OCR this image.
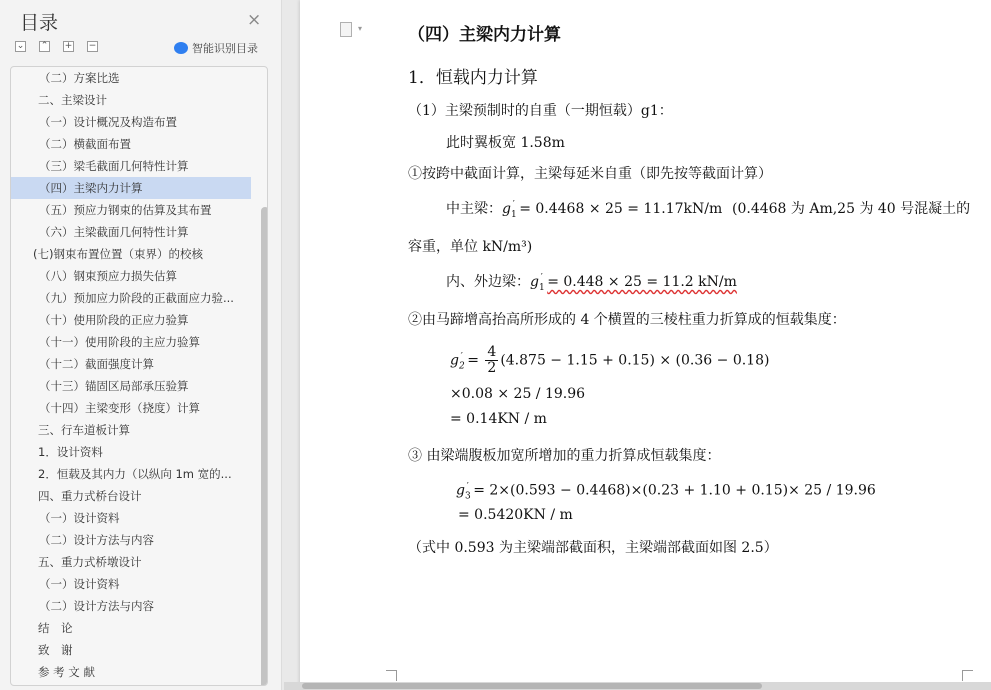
目录	×
⌄ ⌃ + −	智能识别目录
（二）方案比选
二、主梁设计
（一）设计概况及构造布置
（二）横截面布置
（三）梁毛截面几何特性计算
（四）主梁内力计算
（五）预应力钢束的估算及其布置
（六）主梁截面几何特性计算
(七)钢束布置位置（束界）的校核
（八）钢束预应力损失估算
（九）预加应力阶段的正截面应力验...
（十）使用阶段的正应力验算
（十一）使用阶段的主应力验算
（十二）截面强度计算
（十三）锚固区局部承压验算
（十四）主梁变形（挠度）计算
三、行车道板计算
1．设计资料
2．恒载及其内力（以纵向 1m 宽的...
四、重力式桥台设计
（一）设计资料
（二）设计方法与内容
五、重力式桥墩设计
（一）设计资料
（二）设计方法与内容
结　论
致　谢
参 考 文 献
▾	（四）主梁内力计算
1．恒载内力计算
（1）主梁预制时的自重（一期恒载）g1：
此时翼板宽 1.58m
①按跨中截面计算，主梁每延米自重（即先按等截面计算）
中主梁：$g_1' = 0.4468 \times 25 = 11.17kN/m$ (0.4468 为 Am,25 为 40 号混凝土的
容重，单位 kN/m³)
内、外边梁：$g_1' = 0.448 \times 25 = 11.2$ kN/m
②由马蹄增高抬高所形成的 4 个横置的三棱柱重力折算成的恒载集度：
$g_2' = \frac{4}{2} (4.875 - 1.15 + 0.15) \times (0.36 - 0.18)$
×0.08 × 25 / 19.96
= 0.14KN / m
③ 由梁端腹板加宽所增加的重力折算成恒载集度：
$g_3' = 2\times(0.593 - 0.4468)\times(0.23 + 1.10 + 0.15)\times 25 / 19.96$
= 0.5420KN / m
（式中 0.593 为主梁端部截面积，主梁端部截面如图 2.5）
